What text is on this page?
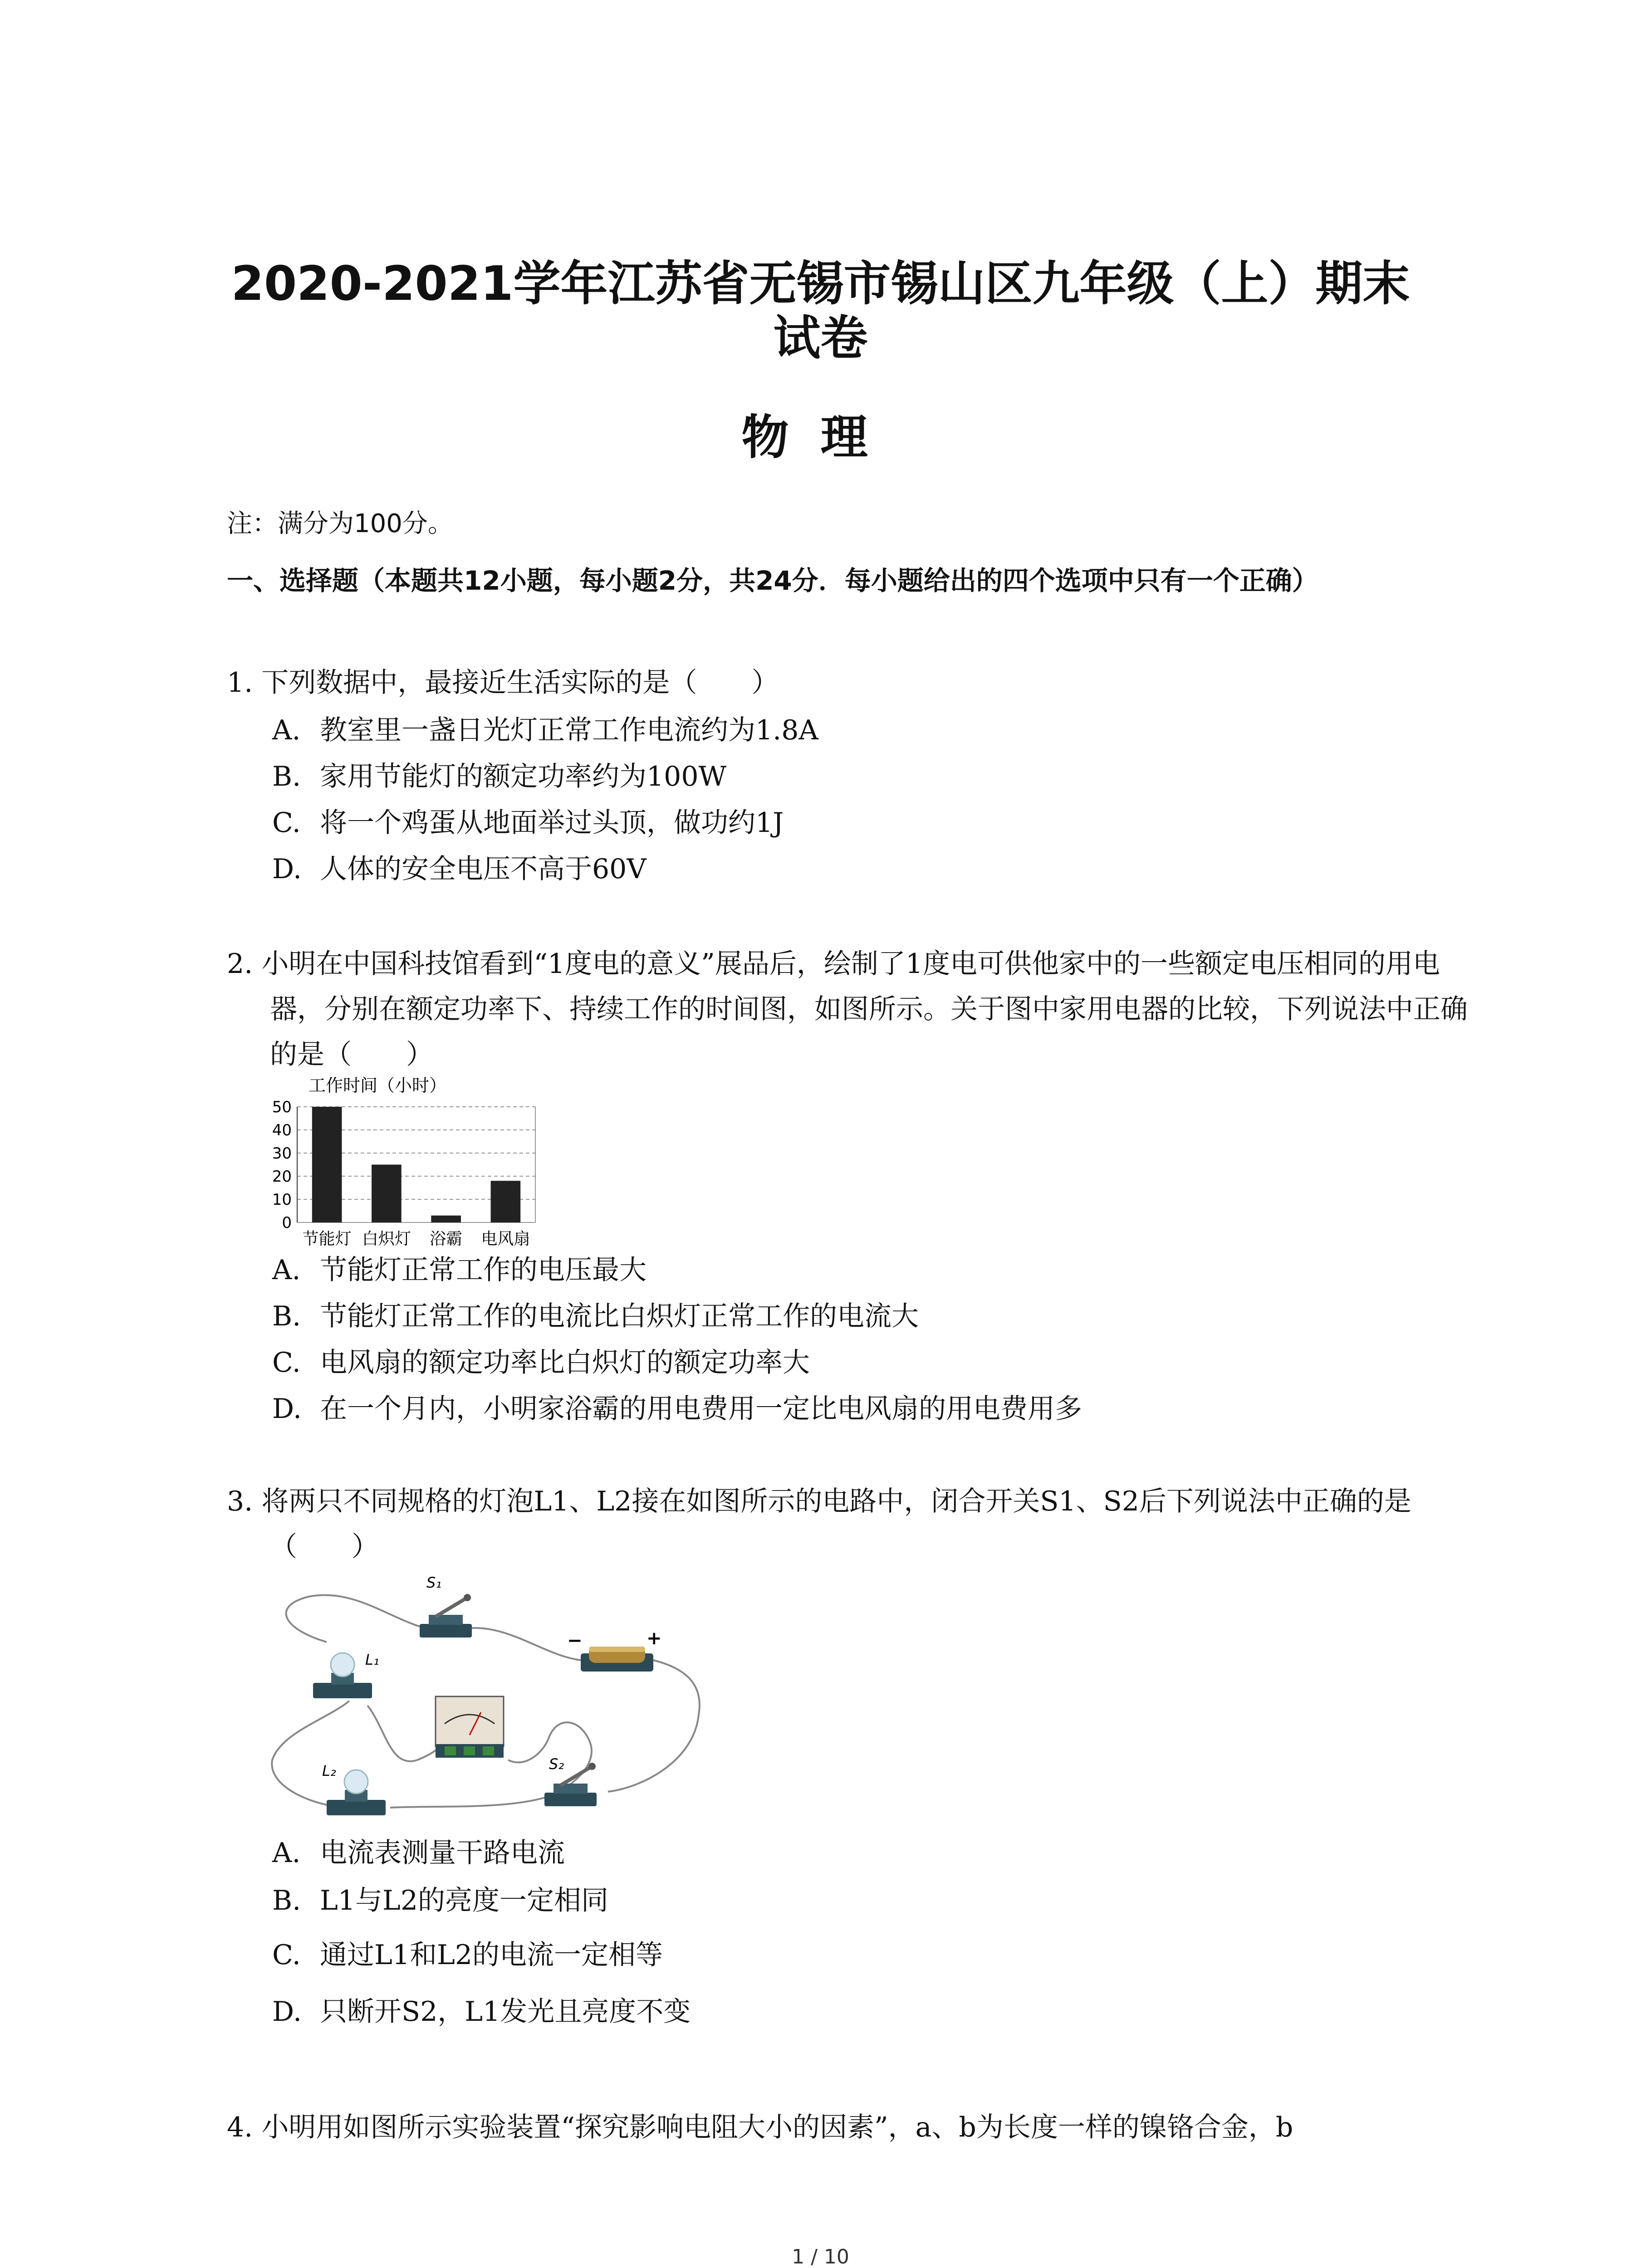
2020-2021学年江苏省无锡市锡山区九年级（上）期末
试卷
物理
注：满分为100分。
一、选择题（本题共12小题，每小题2分，共24分．每小题给出的四个选项中只有一个正确）
1. 下列数据中，最接近生活实际的是（　　）
A. 教室里一盏日光灯正常工作电流约为1.8A
B. 家用节能灯的额定功率约为100W
C. 将一个鸡蛋从地面举过头顶，做功约1J
D. 人体的安全电压不高于60V
2. 小明在中国科技馆看到“1度电的意义”展品后，绘制了1度电可供他家中的一些额定电压相同的用电器，分别在额定功率下、持续工作的时间图，如图所示。关于图中家用电器的比较，下列说法中正确的是（　　）
工作时间（小时）
0
10
20
30
40
50
节能灯 白炽灯 浴霸 电风扇
A. 节能灯正常工作的电压最大
B. 节能灯正常工作的电流比白炽灯正常工作的电流大
C. 电风扇的额定功率比白炽灯的额定功率大
D. 在一个月内，小明家浴霸的用电费用一定比电风扇的用电费用多
3. 将两只不同规格的灯泡L1、L2接在如图所示的电路中，闭合开关S1、S2后下列说法中正确的是（　　）
S₁
−	+
L₁
L₂	S₂
A. 电流表测量干路电流
B. L1与L2的亮度一定相同
C. 通过L1和L2的电流一定相等
D. 只断开S2，L1发光且亮度不变
4. 小明用如图所示实验装置“探究影响电阻大小的因素”，a、b为长度一样的镍铬合金，b
1 / 10
